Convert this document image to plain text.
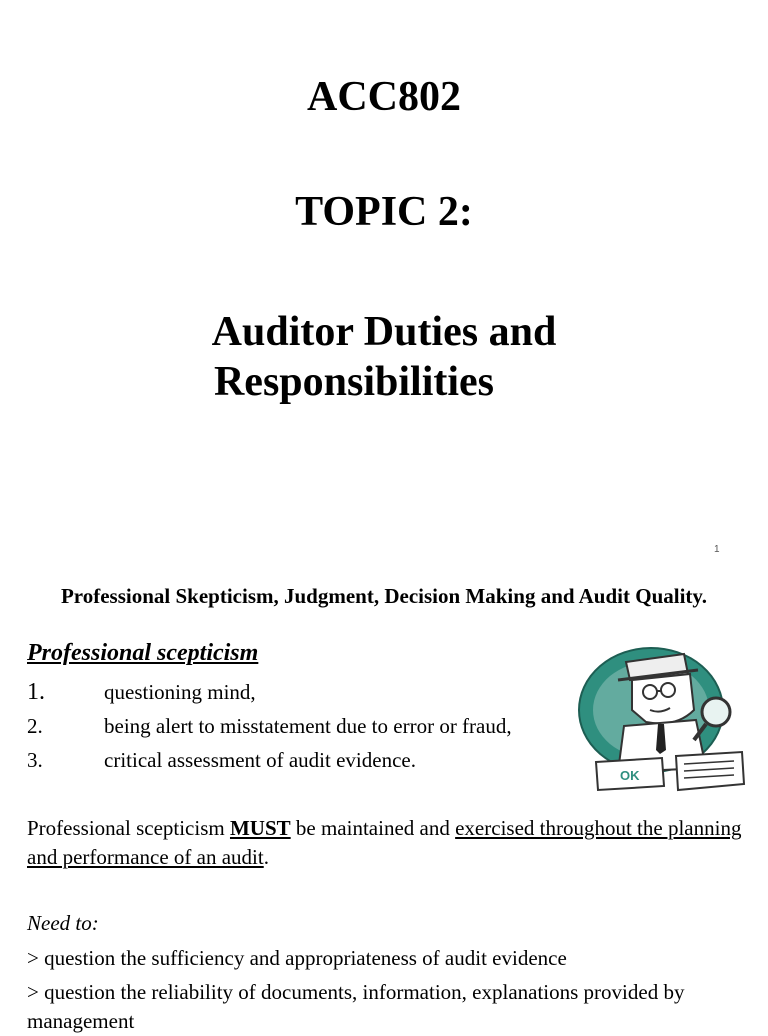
ACC802
TOPIC 2:
Auditor Duties and
Responsibilities
1
Professional Skepticism, Judgment, Decision Making and Audit Quality.
Professional scepticism
1.	questioning mind,
2.	being alert to misstatement due to error or fraud,
3.	critical assessment of audit evidence.
Professional scepticism MUST be maintained and exercised throughout the planning and performance of an audit.
Need to:
> question the sufficiency and appropriateness of audit evidence
> question the reliability of documents, information, explanations provided by management
OK
